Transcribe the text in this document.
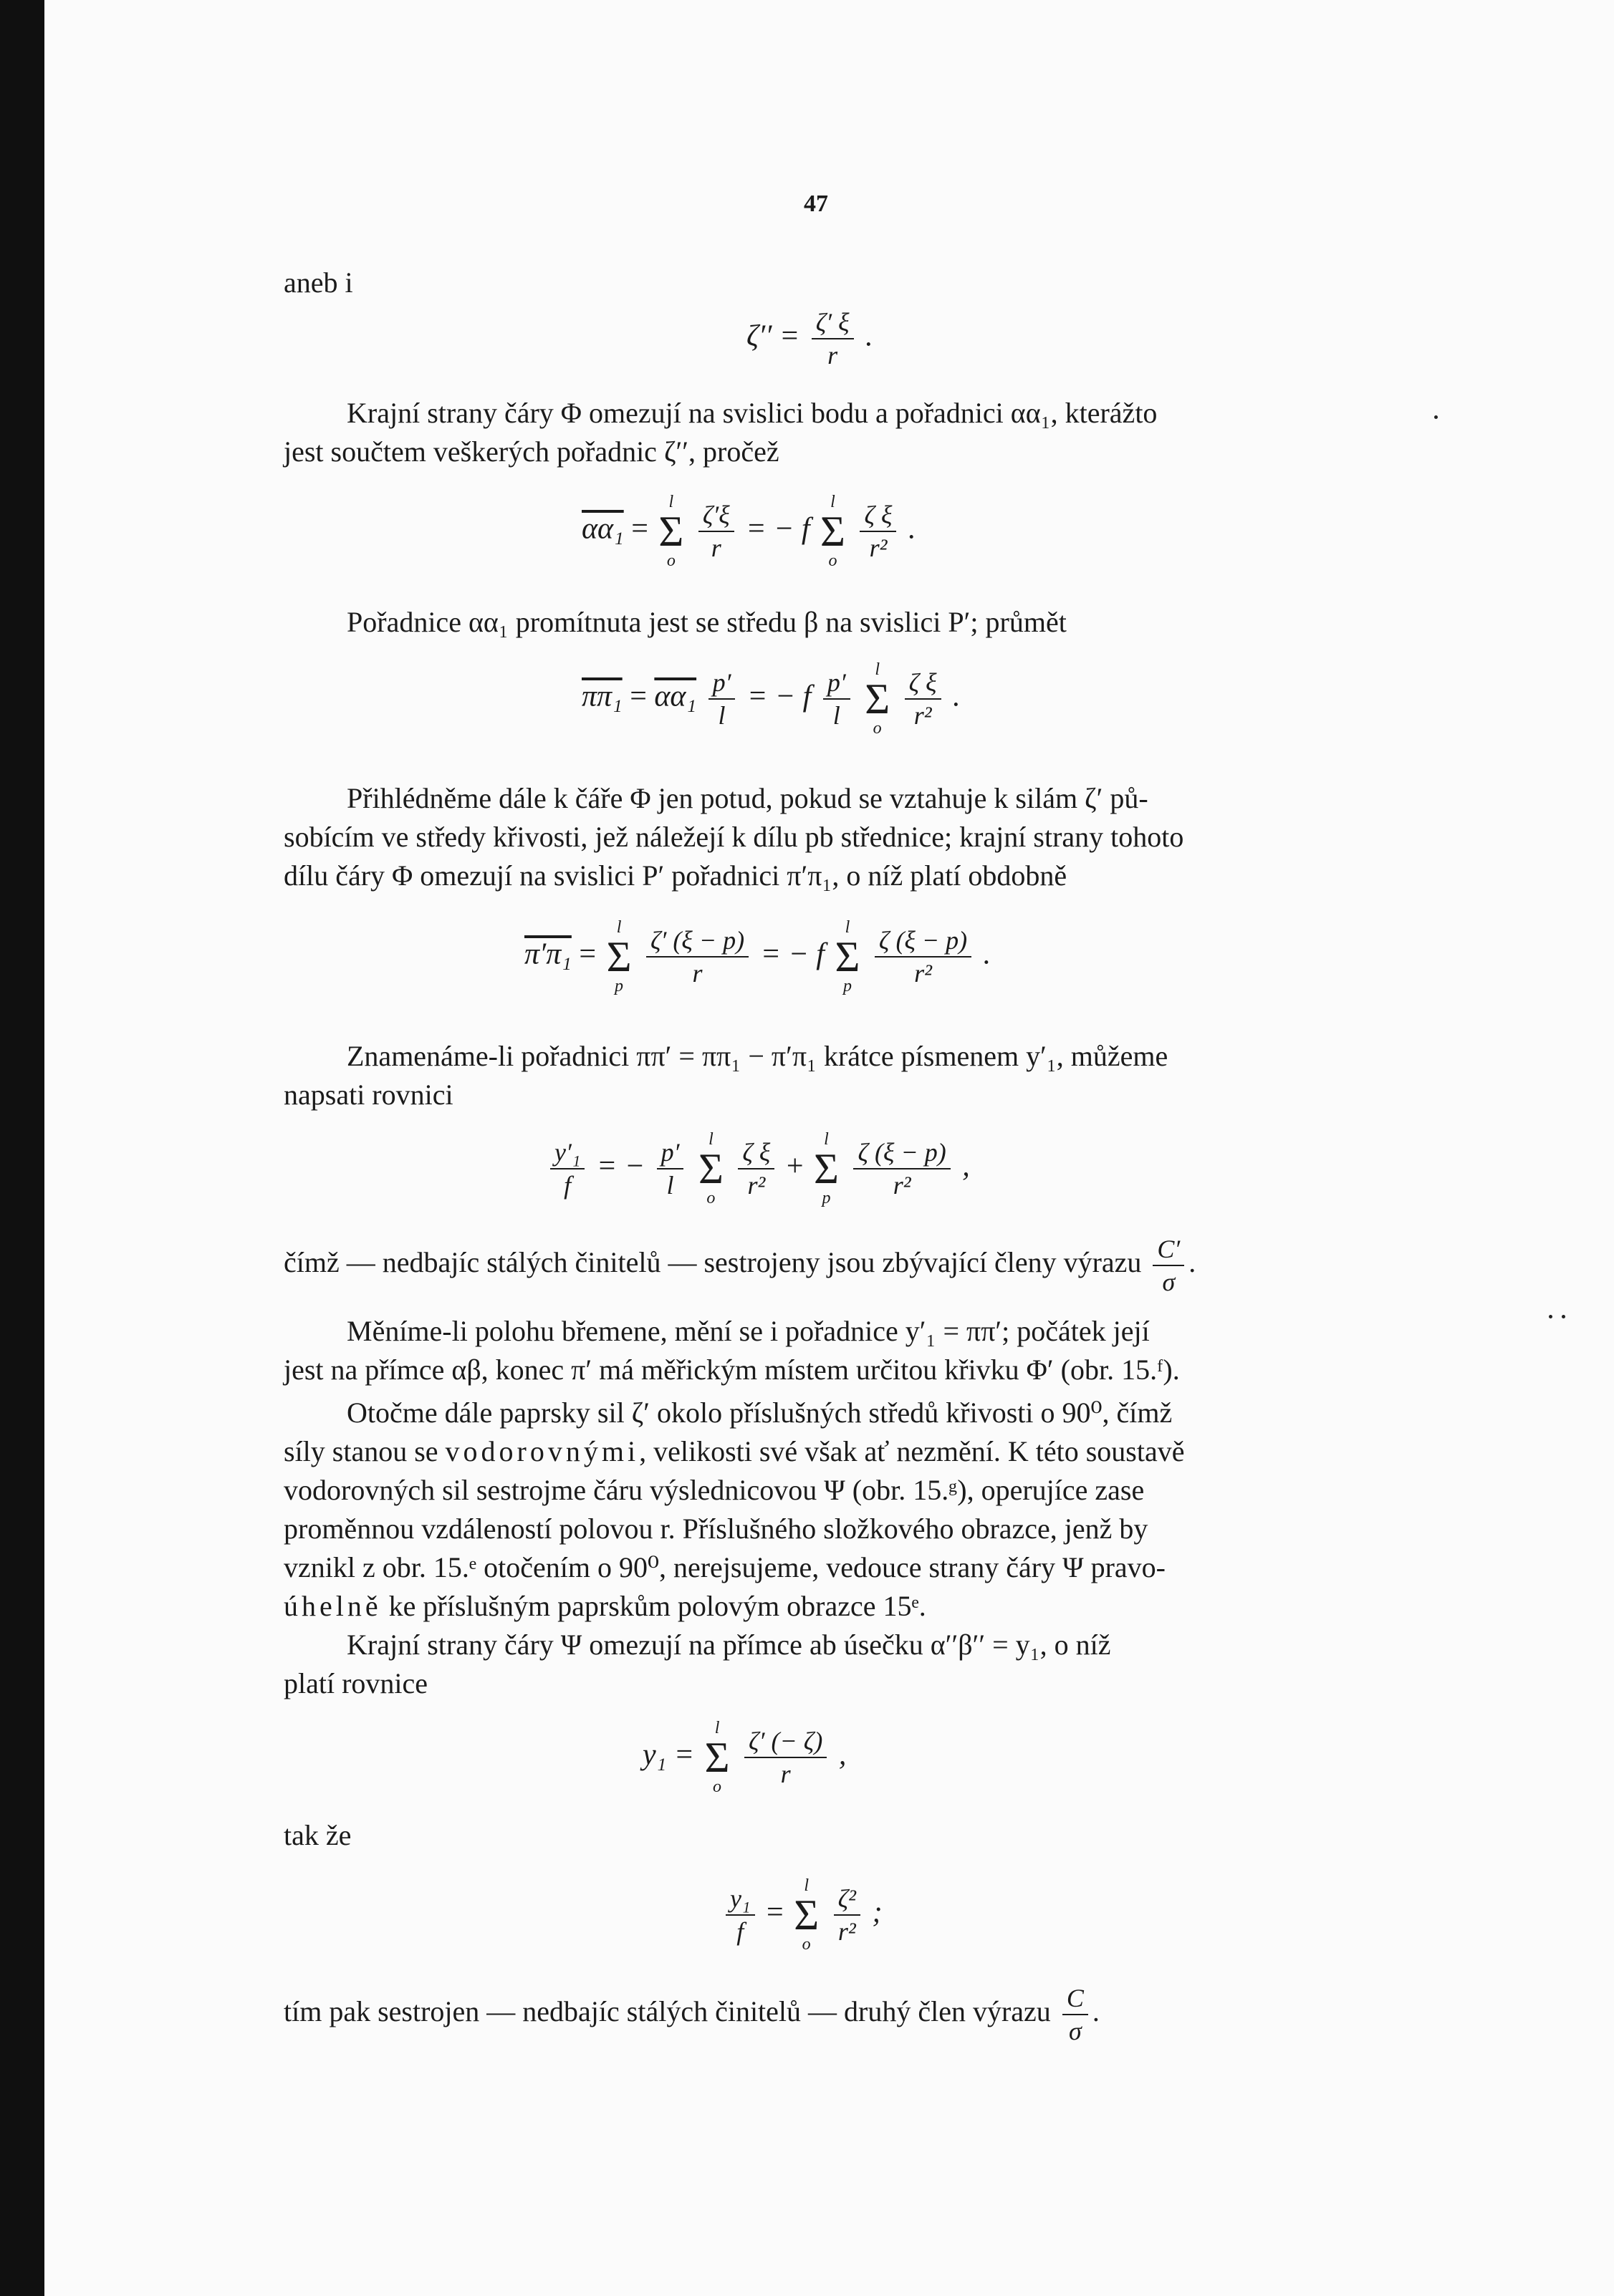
47
aneb i
$\zeta'' = \frac{\zeta' \xi}{r}$ .
Krajní strany čáry Φ omezují na svislici bodu a pořadnici αα₁, kterážto
jest součtem veškerých pořadnic ζ′′, pročež
αα₁ =
l
Σ
o
$\frac{\zeta'\xi}{r}$ = − f
l
Σ
o
$\frac{\text{ζ ξ}}{\text{r²}}$ .
Pořadnice αα₁ promítnuta jest se středu β na svislici P′; průmět
$\pi\pi_1 = \alpha\alpha_1 \frac{p'}{l}$ = − f $\frac{p'}{l}$
	l
Σ
o
$\frac{\text{ζ ξ}}{\text{r²}}$ .
Přihlédněme dále k čáře Φ jen potud, pokud se vztahuje k silám ζ′ pů-
sobícím ve středy křivosti, jež náležejí k dílu pb střednice; krajní strany tohoto
dílu čáry Φ omezují na svislici P′ pořadnici π′π₁, o níž platí obdobně
π′π₁ =
l
Σ
p
$\frac{\zeta' (\xi - p)}{r}$ = − f
l
Σ
p
$\frac{\zeta (\xi - p)}{\text{r²}}$ .
Znamenáme-li pořadnici ππ′ = ππ₁ − π′π₁ krátce písmenem y′₁, můžeme
napsati rovnici
$\frac{\text{y′₁}}{f}$ = − $\frac{p'}{l}$
	l
Σ
o
$\frac{\text{ζ ξ}}{\text{r²}}$ +
l
Σ
p
$\frac{\zeta (\xi - p)}{\text{r²}}$ ,
čímž — nedbajíc stálých činitelů — sestrojeny jsou zbývající členy výrazu $\frac{C'}{\sigma}$ .
Měníme-li polohu břemene, mění se i pořadnice y′₁ = ππ′; počátek její
jest na přímce αβ, konec π′ má měřickým místem určitou křivku Φ′ (obr. 15.ᶠ).
Otočme dále paprsky sil ζ′ okolo příslušných středů křivosti o 90⁰, čímž
síly stanou se vodorovnými, velikosti své však ať nezmění. K této soustavě
vodorovných sil sestrojme čáru výslednicovou Ψ (obr. 15.ᵍ), operujíce zase
proměnnou vzdáleností polovou r. Příslušného složkového obrazce, jenž by
vznikl z obr. 15.ᵉ otočením o 90⁰, nerejsujeme, vedouce strany čáry Ψ pravo-
úhelně ke příslušným paprskům polovým obrazce 15ᵉ.
Krajní strany čáry Ψ omezují na přímce ab úsečku α′′β′′ = y₁, o níž
platí rovnice
y₁ =
l
Σ
o
$\frac{\zeta' (- \zeta)}{r}$ ,
tak že
$\frac{\text{y₁}}{f}$ =
l
Σ
o
$\frac{\text{ζ²}}{\text{r²}}$ ;
tím pak sestrojen — nedbajíc stálých činitelů — druhý člen výrazu $\frac{C}{\sigma}$ .
